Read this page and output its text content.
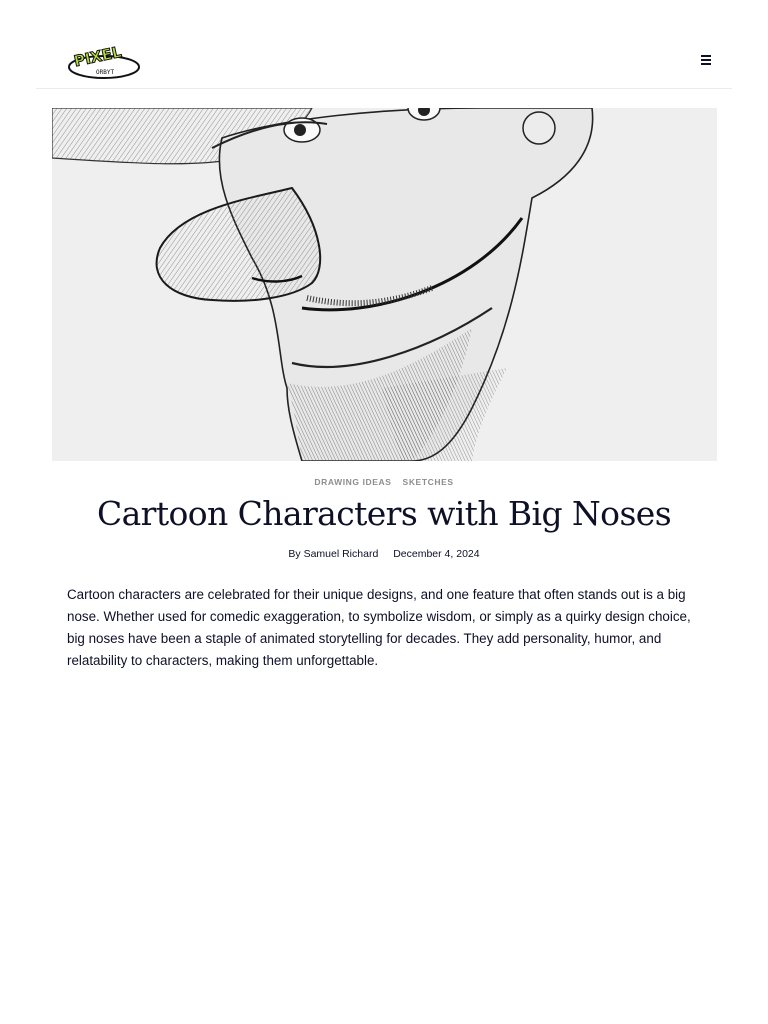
PIXEL
ORBYT
DRAWING IDEAS SKETCHES
Cartoon Characters with Big Noses
By Samuel Richard December 4, 2024

Cartoon characters are celebrated for their unique designs, and one feature that often stands out is a big nose. Whether used for comedic exaggeration, to symbolize wisdom, or simply as a quirky design choice, big noses have been a staple of animated storytelling for decades. They add personality, humor, and relatability to characters, making them unforgettable.
